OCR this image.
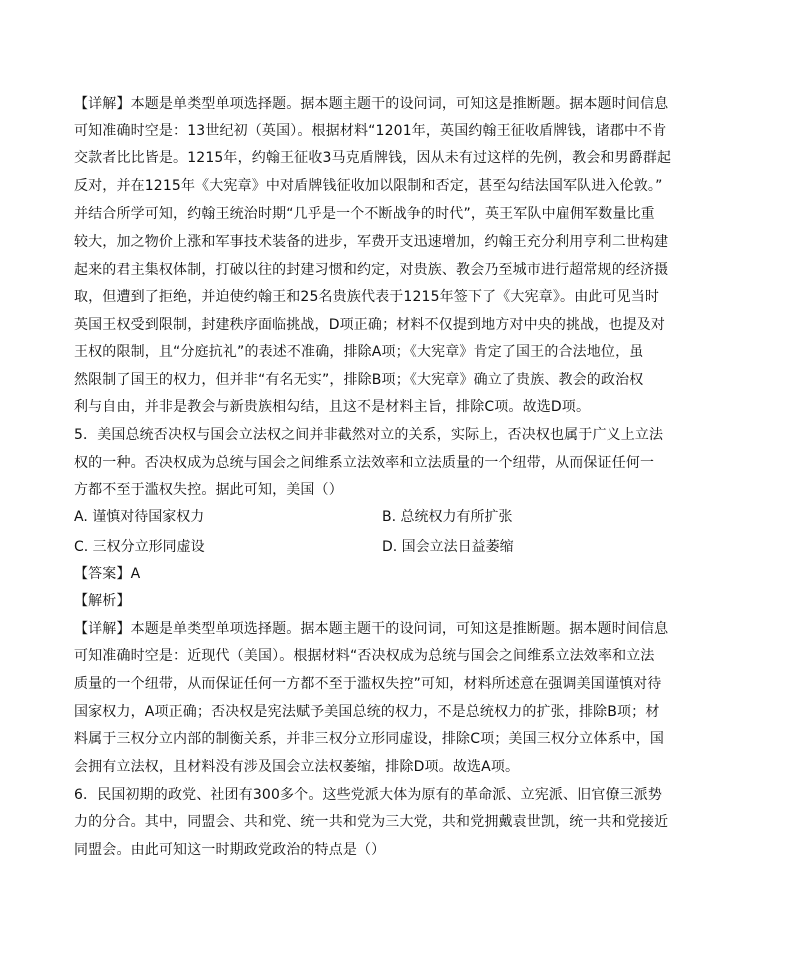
【详解】本题是单类型单项选择题。据本题主题干的设问词，可知这是推断题。据本题时间信息

可知准确时空是：13世纪初（英国）。根据材料“1201年，英国约翰王征收盾牌钱，诸郡中不肯

交款者比比皆是。1215年，约翰王征收3马克盾牌钱，因从未有过这样的先例，教会和男爵群起

反对，并在1215年《大宪章》中对盾牌钱征收加以限制和否定，甚至勾结法国军队进入伦敦。”

并结合所学可知，约翰王统治时期“几乎是一个不断战争的时代”，英王军队中雇佣军数量比重

较大，加之物价上涨和军事技术装备的进步，军费开支迅速增加，约翰王充分利用亨利二世构建

起来的君主集权体制，打破以往的封建习惯和约定，对贵族、教会乃至城市进行超常规的经济摄

取，但遭到了拒绝，并迫使约翰王和25名贵族代表于1215年签下了《大宪章》。由此可见当时

英国王权受到限制，封建秩序面临挑战，D项正确；材料不仅提到地方对中央的挑战，也提及对

王权的限制，且“分庭抗礼”的表述不准确，排除A项；《大宪章》肯定了国王的合法地位，虽

然限制了国王的权力，但并非“有名无实”，排除B项；《大宪章》确立了贵族、教会的政治权

利与自由，并非是教会与新贵族相勾结，且这不是材料主旨，排除C项。故选D项。

5．美国总统否决权与国会立法权之间并非截然对立的关系，实际上，否决权也属于广义上立法

权的一种。否决权成为总统与国会之间维系立法效率和立法质量的一个纽带，从而保证任何一

方都不至于滥权失控。据此可知，美国（）

A. 谨慎对待国家权力	B. 总统权力有所扩张

C. 三权分立形同虚设	D. 国会立法日益萎缩

【答案】A

【解析】

【详解】本题是单类型单项选择题。据本题主题干的设问词，可知这是推断题。据本题时间信息

可知准确时空是：近现代（美国）。根据材料“否决权成为总统与国会之间维系立法效率和立法

质量的一个纽带，从而保证任何一方都不至于滥权失控”可知，材料所述意在强调美国谨慎对待

国家权力，A项正确；否决权是宪法赋予美国总统的权力，不是总统权力的扩张，排除B项；材

料属于三权分立内部的制衡关系，并非三权分立形同虚设，排除C项；美国三权分立体系中，国

会拥有立法权，且材料没有涉及国会立法权萎缩，排除D项。故选A项。

6．民国初期的政党、社团有300多个。这些党派大体为原有的革命派、立宪派、旧官僚三派势

力的分合。其中，同盟会、共和党、统一共和党为三大党，共和党拥戴袁世凯，统一共和党接近

同盟会。由此可知这一时期政党政治的特点是（）
